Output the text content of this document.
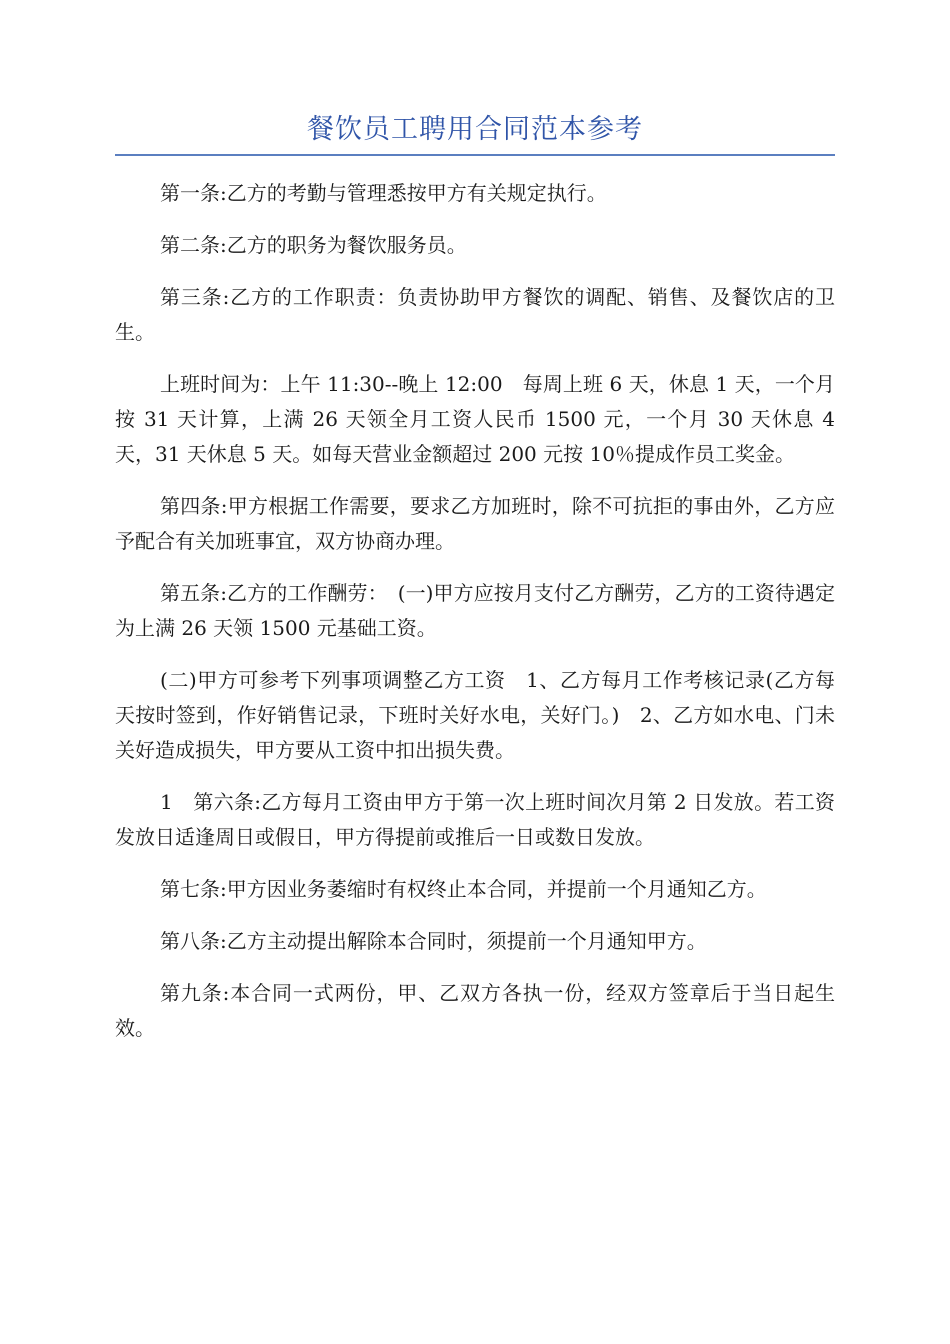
餐饮员工聘用合同范本参考

第一条:乙方的考勤与管理悉按甲方有关规定执行。

第二条:乙方的职务为餐饮服务员。

第三条:乙方的工作职责：负责协助甲方餐饮的调配、销售、及餐饮店的卫生。

上班时间为：上午 11:30--晚上 12:00　每周上班 6 天，休息 1 天，一个月按 31 天计算，上满 26 天领全月工资人民币 1500 元，一个月 30 天休息 4 天，31 天休息 5 天。如每天营业金额超过 200 元按 10％提成作员工奖金。

第四条:甲方根据工作需要，要求乙方加班时，除不可抗拒的事由外，乙方应予配合有关加班事宜，双方协商办理。

第五条:乙方的工作酬劳：　(一)甲方应按月支付乙方酬劳，乙方的工资待遇定为上满 26 天领 1500 元基础工资。

(二)甲方可参考下列事项调整乙方工资　1、乙方每月工作考核记录(乙方每天按时签到，作好销售记录，下班时关好水电，关好门。)　2、乙方如水电、门未关好造成损失，甲方要从工资中扣出损失费。

1　第六条:乙方每月工资由甲方于第一次上班时间次月第 2 日发放。若工资发放日适逢周日或假日，甲方得提前或推后一日或数日发放。

第七条:甲方因业务萎缩时有权终止本合同，并提前一个月通知乙方。

第八条:乙方主动提出解除本合同时，须提前一个月通知甲方。

第九条:本合同一式两份，甲、乙双方各执一份，经双方签章后于当日起生效。
